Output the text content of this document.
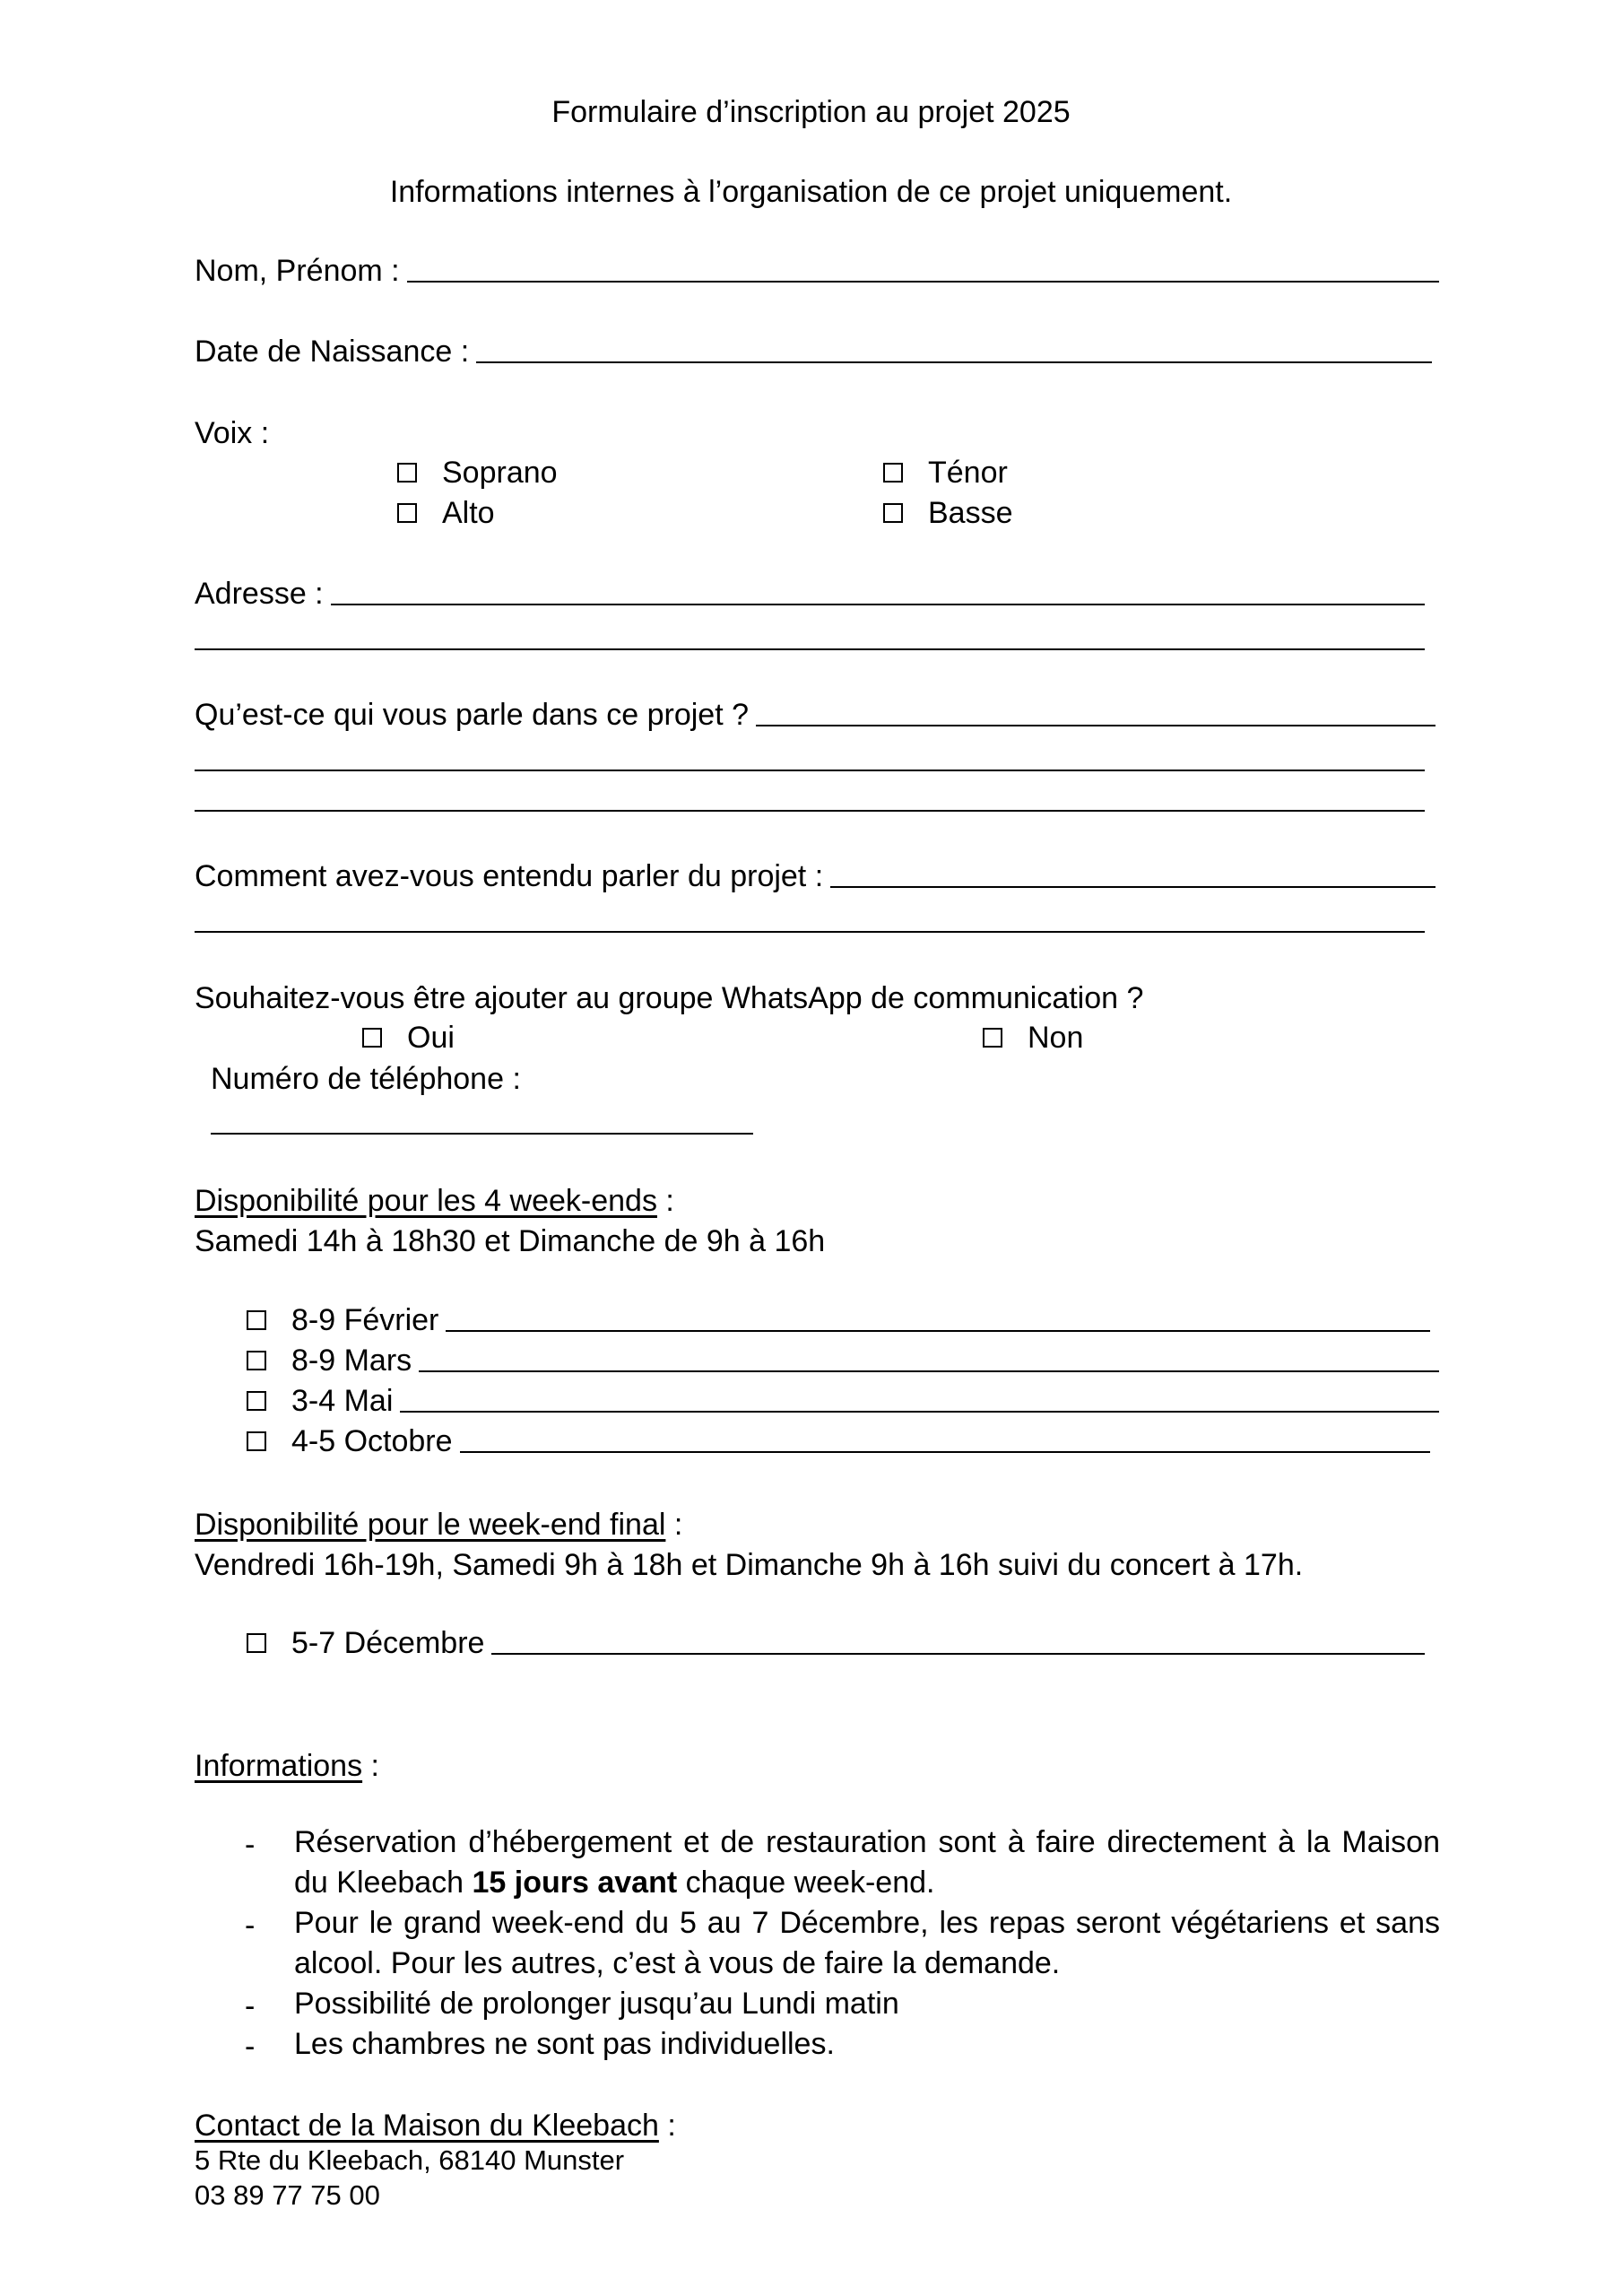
Formulaire d’inscription au projet 2025
Informations internes à l’organisation de ce projet uniquement.
Nom, Prénom :
Date de Naissance :
Voix :
Soprano
Alto
Ténor
Basse
Adresse :
Qu’est-ce qui vous parle dans ce projet ?
Comment avez-vous entendu parler du projet :
Souhaitez-vous être ajouter au groupe WhatsApp de communication ?
Oui	Non
Numéro de téléphone :
Disponibilité pour les 4 week-ends :
Samedi 14h à 18h30 et Dimanche de 9h à 16h
8-9 Février
8-9 Mars
3-4 Mai
4-5 Octobre
Disponibilité pour le week-end final :
Vendredi 16h-19h, Samedi 9h à 18h et Dimanche 9h à 16h suivi du concert à 17h.
5-7 Décembre
Informations :
- Réservation d’hébergement et de restauration sont à faire directement à la Maison du Kleebach 15 jours avant chaque week-end.
- Pour le grand week-end du 5 au 7 Décembre, les repas seront végétariens et sans alcool. Pour les autres, c’est à vous de faire la demande.
- Possibilité de prolonger jusqu’au Lundi matin
- Les chambres ne sont pas individuelles.
Contact de la Maison du Kleebach :
5 Rte du Kleebach, 68140 Munster
03 89 77 75 00
